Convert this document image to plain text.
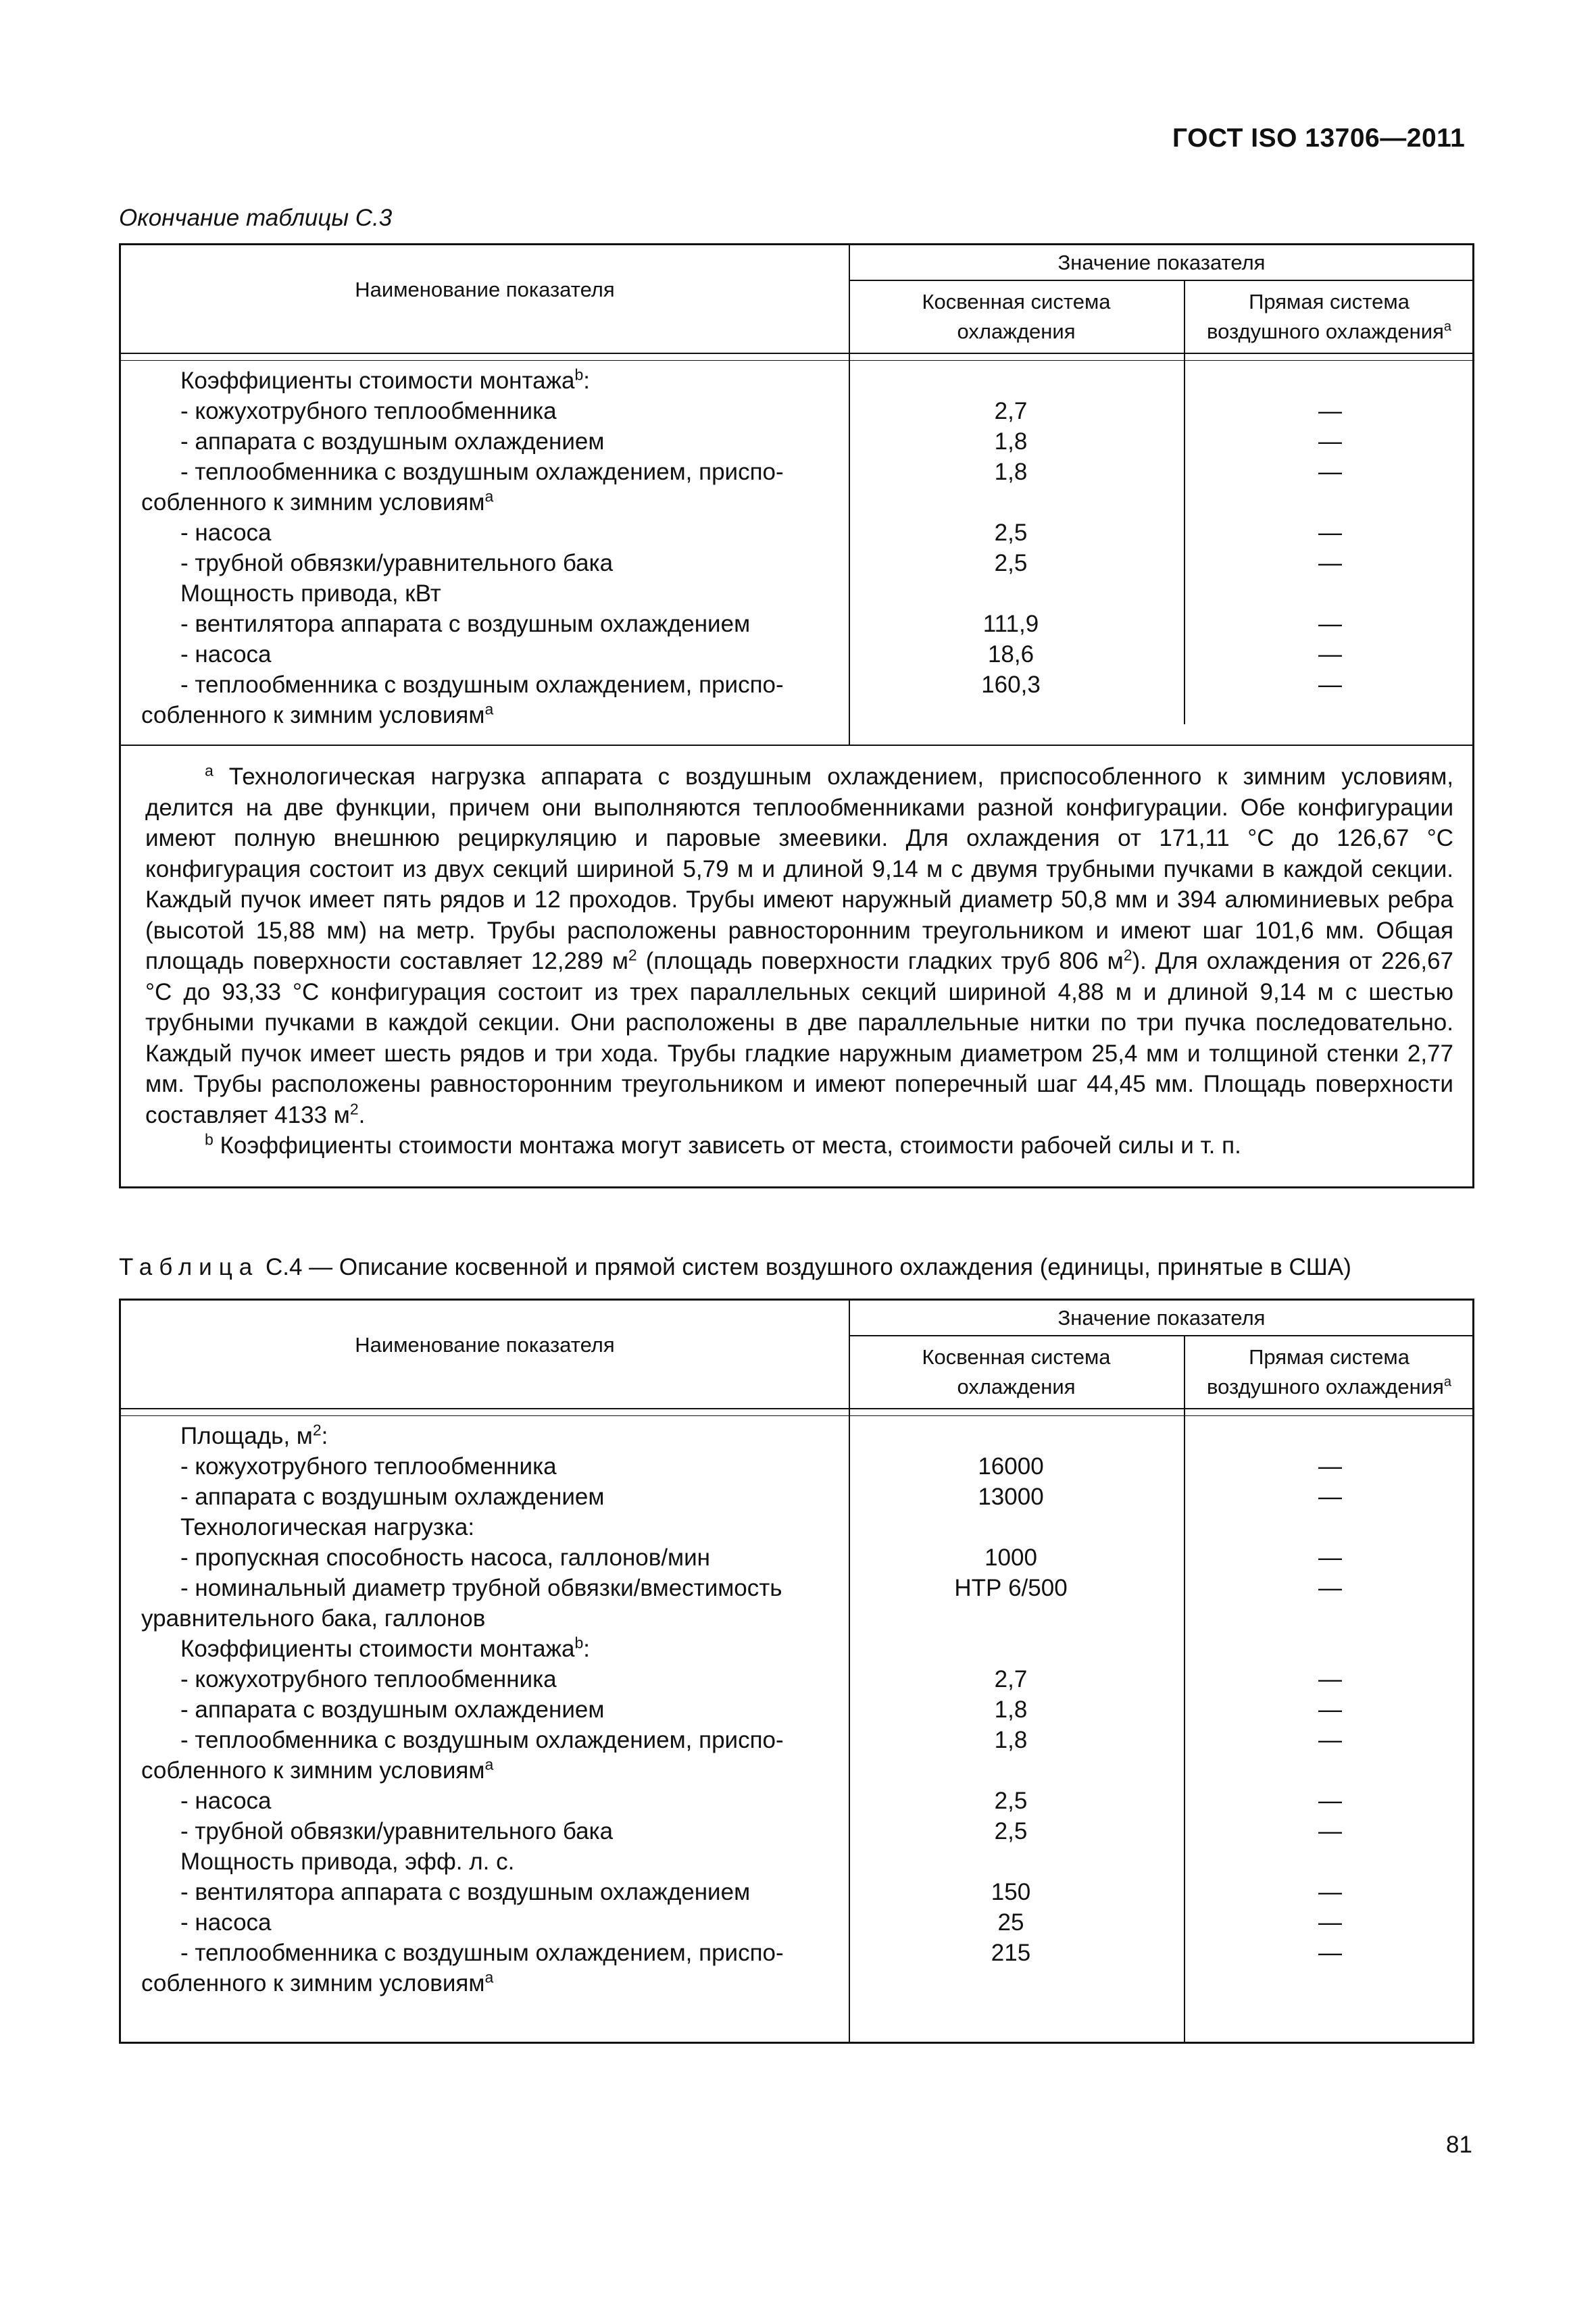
ГОСТ ISO 13706—2011
Окончание таблицы С.3
Наименование показателя
Значение показателя
Косвенная система
охлаждения
Прямая система
воздушного охлаждения$^a$
Коэффициенты стоимости монтажа$^b$:
- кожухотрубного теплообменника	2,7	—
- аппарата с воздушным охлаждением	1,8	—
- теплообменника с воздушным охлаждением, приспо-	1,8	—
собленного к зимним условиям$^a$
- насоса	2,5	—
- трубной обвязки/уравнительного бака	2,5	—
Мощность привода, кВт
- вентилятора аппарата с воздушным охлаждением	111,9	—
- насоса	18,6	—
- теплообменника с воздушным охлаждением, приспо-	160,3	—
собленного к зимним условиям$^a$

$^a$ Технологическая нагрузка аппарата с воздушным охлаждением, приспособленного к зимним условиям, делится на две функции, причем они выполняются теплообменниками разной конфигурации. Обе конфигурации имеют полную внешнюю рециркуляцию и паровые змеевики. Для охлаждения от 171,11 °C до 126,67 °C конфигурация состоит из двух секций шириной 5,79 м и длиной 9,14 м с двумя трубными пучками в каждой секции. Каждый пучок имеет пять рядов и 12 проходов. Трубы имеют наружный диаметр 50,8 мм и 394 алюминиевых ребра (высотой 15,88 мм) на метр. Трубы расположены равносторонним треугольником и имеют шаг 101,6 мм. Общая площадь поверхности составляет 12,289 $м^2$ (площадь поверхности гладких труб 806 $м^2$). Для охлаждения от 226,67 °C до 93,33 °C конфигурация состоит из трех параллельных секций шириной 4,88 м и длиной 9,14 м с шестью трубными пучками в каждой секции. Они расположены в две параллельные нитки по три пучка последовательно. Каждый пучок имеет шесть рядов и три хода. Трубы гладкие наружным диаметром 25,4 мм и толщиной стенки 2,77 мм. Трубы расположены равносторонним треугольником и имеют поперечный шаг 44,45 мм. Площадь поверхности составляет 4133 $м^2$.

$^b$ Коэффициенты стоимости монтажа могут зависеть от места, стоимости рабочей силы и т. п.

Таблица С.4 — Описание косвенной и прямой систем воздушного охлаждения (единицы, принятые в США)
Наименование показателя
Значение показателя
Косвенная система
охлаждения
Прямая система
воздушного охлаждения$^a$
Площадь, $м^2$:
- кожухотрубного теплообменника	16000	—
- аппарата с воздушным охлаждением	13000	—
Технологическая нагрузка:
- пропускная способность насоса, галлонов/мин	1000	—
- номинальный диаметр трубной обвязки/вместимость	НТР 6/500	—
уравнительного бака, галлонов
Коэффициенты стоимости монтажа$^b$:
- кожухотрубного теплообменника	2,7	—
- аппарата с воздушным охлаждением	1,8	—
- теплообменника с воздушным охлаждением, приспо-	1,8	—
собленного к зимним условиям$^a$
- насоса	2,5	—
- трубной обвязки/уравнительного бака	2,5	—
Мощность привода, эфф. л. с.
- вентилятора аппарата с воздушным охлаждением	150	—
- насоса	25	—
- теплообменника с воздушным охлаждением, приспо-	215	—
собленного к зимним условиям$^a$
81
